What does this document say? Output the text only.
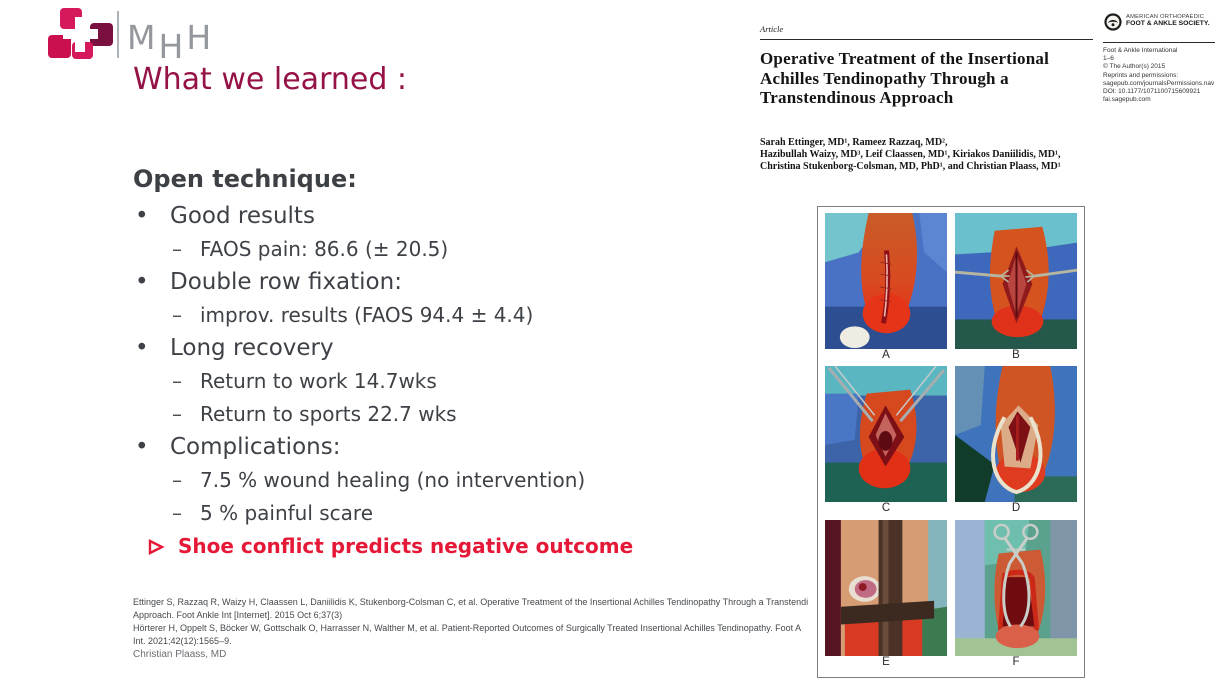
M H H
What we learned :
Open technique:
• Good results
– FAOS pain: 86.6 (± 20.5)
• Double row fixation:
– improv. results (FAOS 94.4 ± 4.4)
• Long recovery
– Return to work 14.7wks
– Return to sports 22.7 wks
• Complications:
– 7.5 % wound healing (no intervention)
– 5 % painful scare
Shoe conflict predicts negative outcome
Ettinger S, Razzaq R, Waizy H, Claassen L, Daniilidis K, Stukenborg-Colsman C, et al. Operative Treatment of the Insertional Achilles Tendinopathy Through a Transtendi
Approach. Foot Ankle Int [Internet]. 2015 Oct 6;37(3)
Hörterer H, Oppelt S, Böcker W, Gottschalk O, Harrasser N, Walther M, et al. Patient-Reported Outcomes of Surgically Treated Insertional Achilles Tendinopathy. Foot A
Int. 2021;42(12):1565–9.
Christian Plaass, MD
Article
Operative Treatment of the Insertional
Achilles Tendinopathy Through a
Transtendinous Approach
Sarah Ettinger, MD¹, Rameez Razzaq, MD²,
Hazibullah Waizy, MD³, Leif Claassen, MD¹, Kiriakos Daniilidis, MD¹,
Christina Stukenborg-Colsman, MD, PhD¹, and Christian Plaass, MD¹
AMERICAN ORTHOPAEDIC
FOOT & ANKLE SOCIETY.
Foot & Ankle International
1–6
© The Author(s) 2015
Reprints and permissions:
sagepub.com/journalsPermissions.nav
DOI: 10.1177/1071100715609921
fai.sagepub.com
A	B
C	D
E	F
